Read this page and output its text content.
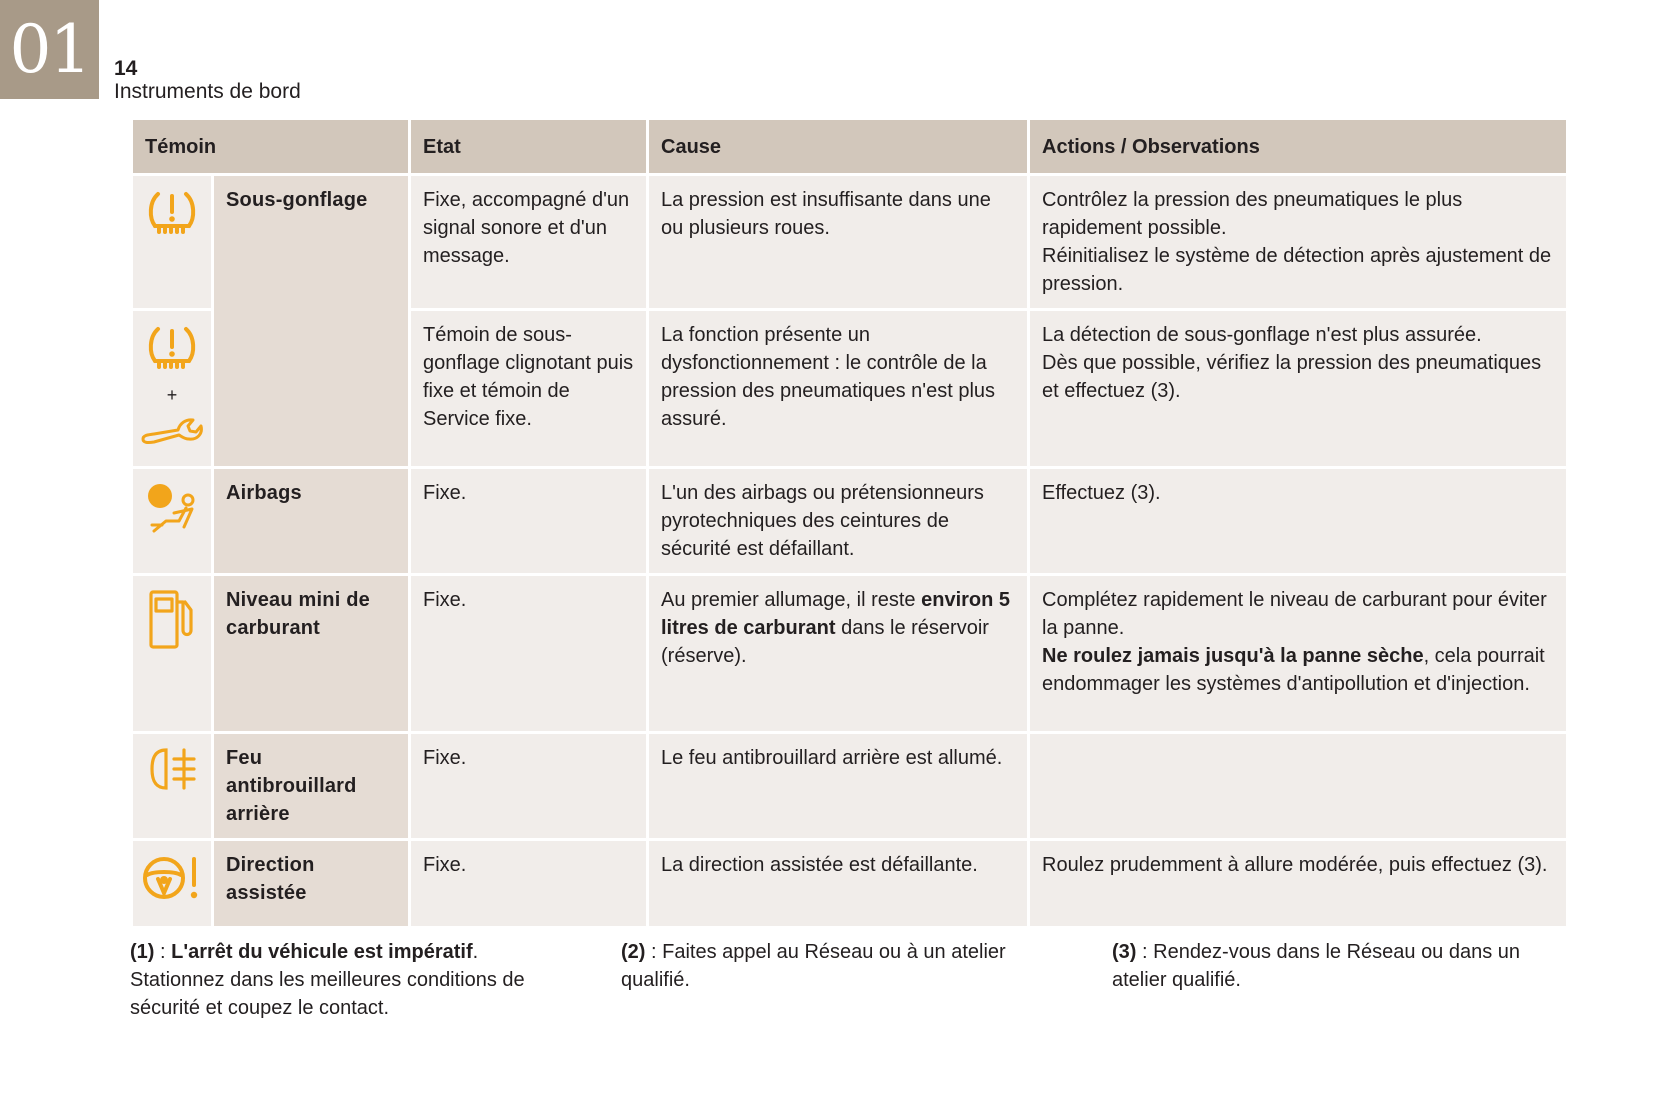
01	14
Instruments de bord
Témoin		Etat	Cause	Actions / Observations

	Sous-gonflage	Fixe, accompagné d'un signal sonore et d'un message.	La pression est insuffisante dans une ou plusieurs roues.	Contrôlez la pression des pneumatiques le plus rapidement possible.
Réinitialisez le système de détection après ajustement de pression.

+		Témoin de sous-gonflage clignotant puis fixe et témoin de Service fixe.	La fonction présente un dysfonctionnement : le contrôle de la pression des pneumatiques n'est plus assuré.	La détection de sous-gonflage n'est plus assurée.
Dès que possible, vérifiez la pression des pneumatiques et effectuez (3).

	Airbags	Fixe.	L'un des airbags ou prétensionneurs pyrotechniques des ceintures de sécurité est défaillant.	Effectuez (3).

	Niveau mini de carburant	Fixe.	Au premier allumage, il reste environ 5 litres de carburant dans le réservoir (réserve).	Complétez rapidement le niveau de carburant pour éviter la panne.
Ne roulez jamais jusqu'à la panne sèche, cela pourrait endommager les systèmes d'antipollution et d'injection.

	Feu antibrouillard arrière	Fixe.	Le feu antibrouillard arrière est allumé.	

	Direction assistée	Fixe.	La direction assistée est défaillante.	Roulez prudemment à allure modérée, puis effectuez (3).
(1) : L'arrêt du véhicule est impératif.
Stationnez dans les meilleures conditions de sécurité et coupez le contact.
(2) : Faites appel au Réseau ou à un atelier qualifié.
(3) : Rendez-vous dans le Réseau ou dans un atelier qualifié.
